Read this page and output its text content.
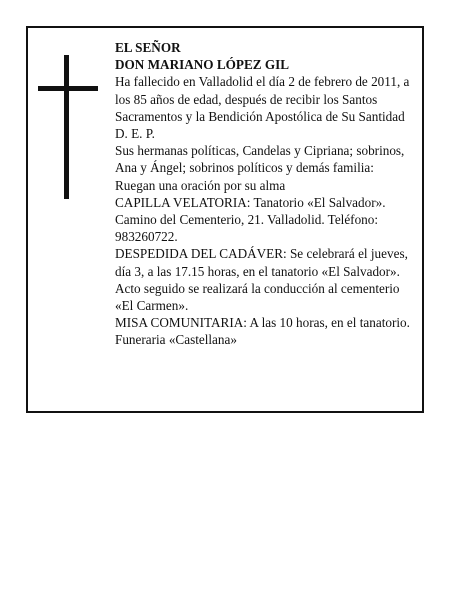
EL SEÑOR

DON MARIANO LÓPEZ GIL

Ha fallecido en Valladolid el día 2 de febrero de 2011, a los 85 años de edad, después de recibir los Santos Sacramentos y la Bendición Apostólica de Su Santidad D. E. P.

Sus hermanas políticas, Candelas y Cipriana; sobrinos, Ana y Ángel; sobrinos políticos y demás familia:

Ruegan una oración por su alma

CAPILLA VELATORIA: Tanatorio «El Salvador». Camino del Cementerio, 21. Valladolid. Teléfono: 983260722.

DESPEDIDA DEL CADÁVER: Se celebrará el jueves, día 3, a las 17.15 horas, en el tanatorio «El Salvador». Acto seguido se realizará la conducción al cementerio «El Carmen».

MISA COMUNITARIA: A las 10 horas, en el tanatorio.

Funeraria «Castellana»
